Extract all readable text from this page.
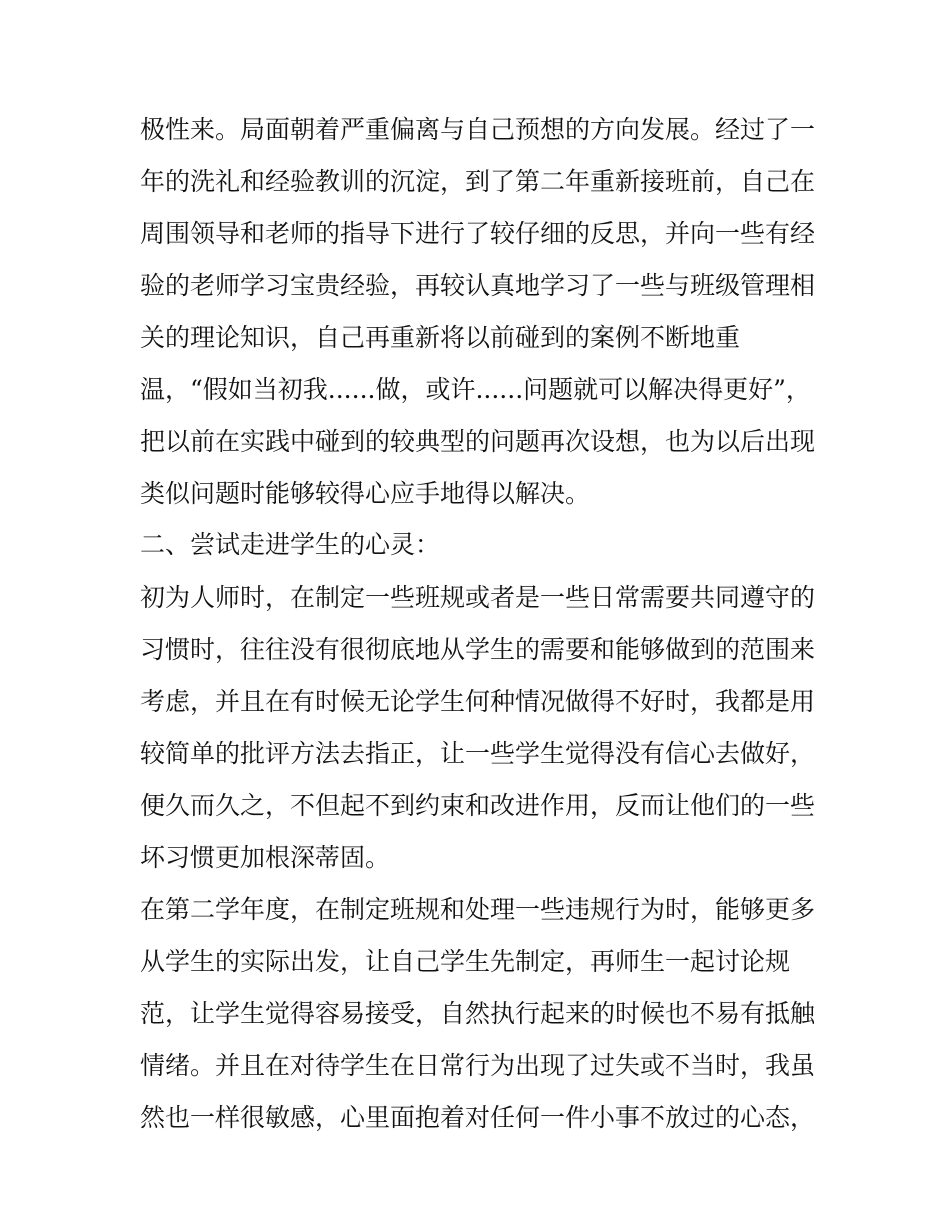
极性来。局面朝着严重偏离与自己预想的方向发展。经过了一
年的洗礼和经验教训的沉淀，到了第二年重新接班前，自己在
周围领导和老师的指导下进行了较仔细的反思，并向一些有经
验的老师学习宝贵经验，再较认真地学习了一些与班级管理相
关的理论知识，自己再重新将以前碰到的案例不断地重
温，“假如当初我......做，或许......问题就可以解决得更好”，
把以前在实践中碰到的较典型的问题再次设想，也为以后出现
类似问题时能够较得心应手地得以解决。
二、尝试走进学生的心灵：
初为人师时，在制定一些班规或者是一些日常需要共同遵守的
习惯时，往往没有很彻底地从学生的需要和能够做到的范围来
考虑，并且在有时候无论学生何种情况做得不好时，我都是用
较简单的批评方法去指正，让一些学生觉得没有信心去做好，
便久而久之，不但起不到约束和改进作用，反而让他们的一些
坏习惯更加根深蒂固。
在第二学年度，在制定班规和处理一些违规行为时，能够更多
从学生的实际出发，让自己学生先制定，再师生一起讨论规
范，让学生觉得容易接受，自然执行起来的时候也不易有抵触
情绪。并且在对待学生在日常行为出现了过失或不当时，我虽
然也一样很敏感，心里面抱着对任何一件小事不放过的心态，
